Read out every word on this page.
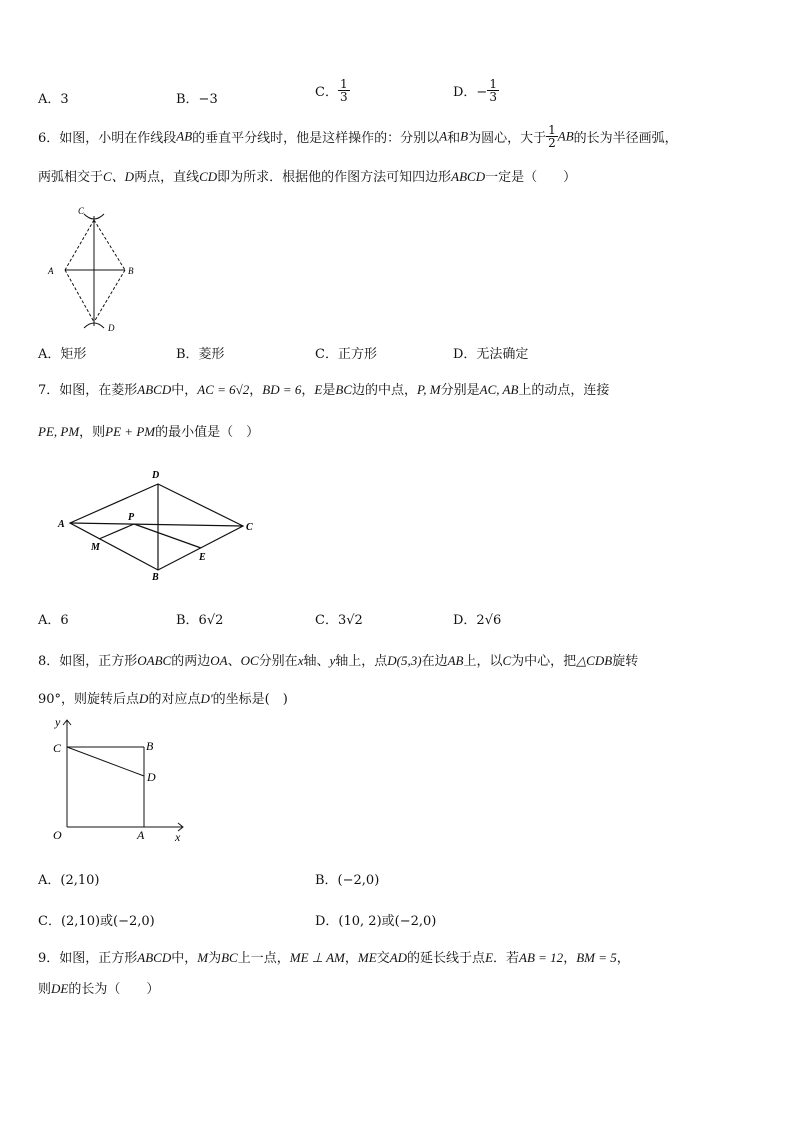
A．3	B．−3	C． $\frac{1}{3}$	D．− $\frac{1}{3}$
6．如图，小明在作线段AB的垂直平分线时，他是这样操作的：分别以A和B为圆心，大于 $\frac{1}{2}$ AB的长为半径画弧，
两弧相交于C、D两点，直线CD即为所求．根据他的作图方法可知四边形ABCD一定是（　　）
C
A	B
D
A．矩形	B．菱形	C．正方形	D．无法确定
7．如图，在菱形ABCD中，AC = 6√2，BD = 6，E是BC边的中点，P, M分别是AC, AB上的动点，连接
PE, PM，则PE + PM的最小值是（　）
A
D
C
B
P
M
E
A．6	B．6√2	C．3√2	D．2√6
8．如图，正方形OABC的两边OA、OC分别在x轴、y轴上，点D(5,3)在边AB上，以C为中心，把△CDB旋转
90°，则旋转后点D的对应点D'的坐标是(　)
y
x
C	B
D
O	A
A．(2,10)	B．(−2,0)
C．(2,10)或(−2,0)	D．(10, 2)或(−2,0)
9．如图，正方形ABCD中，M为BC上一点，ME ⊥ AM，ME交AD的延长线于点E．若AB = 12，BM = 5，
则DE的长为（　　）
